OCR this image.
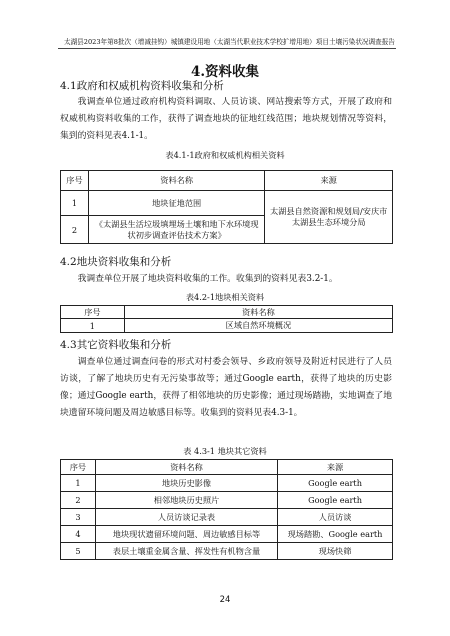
太湖县2023年第8批次（增减挂钩）城镇建设用地（太湖当代职业技术学校扩增用地）项目土壤污染状况调查报告
4.资料收集
4.1政府和权威机构资料收集和分析
我调查单位通过政府机构资料调取、人员访谈、网站搜索等方式，开展了政府和权威机构资料收集的工作，获得了调查地块的征地红线范围；地块规划情况等资料，集到的资料见表4.1-1。
表4.1-1政府和权威机构相关资料
序号	资料名称	来源
1	地块征地范围	太湖县自然资源和规划局/安庆市太湖县生态环境分局
2	《太湖县生活垃圾填埋场土壤和地下水环境现状初步调查评估技术方案》	
4.2地块资料收集和分析
我调查单位开展了地块资料收集的工作。收集到的资料见表3.2-1。
表4.2-1地块相关资料
序号	资料名称
1	区域自然环境概况
4.3其它资料收集和分析
调查单位通过调查问卷的形式对村委会领导、乡政府领导及附近村民进行了人员访谈，了解了地块历史有无污染事故等；通过Google earth，获得了地块的历史影像；通过Google earth，获得了相邻地块的历史影像；通过现场踏勘，实地调查了地块遗留环境问题及周边敏感目标等。收集到的资料见表4.3-1。
表 4.3-1 地块其它资料
序号	资料名称	来源
1	地块历史影像	Google earth
2	相邻地块历史照片	Google earth
3	人员访谈记录表	人员访谈
4	地块现状遗留环境问题、周边敏感目标等	现场踏勘、Google earth
5	表层土壤重金属含量、挥发性有机物含量	现场快筛
24
